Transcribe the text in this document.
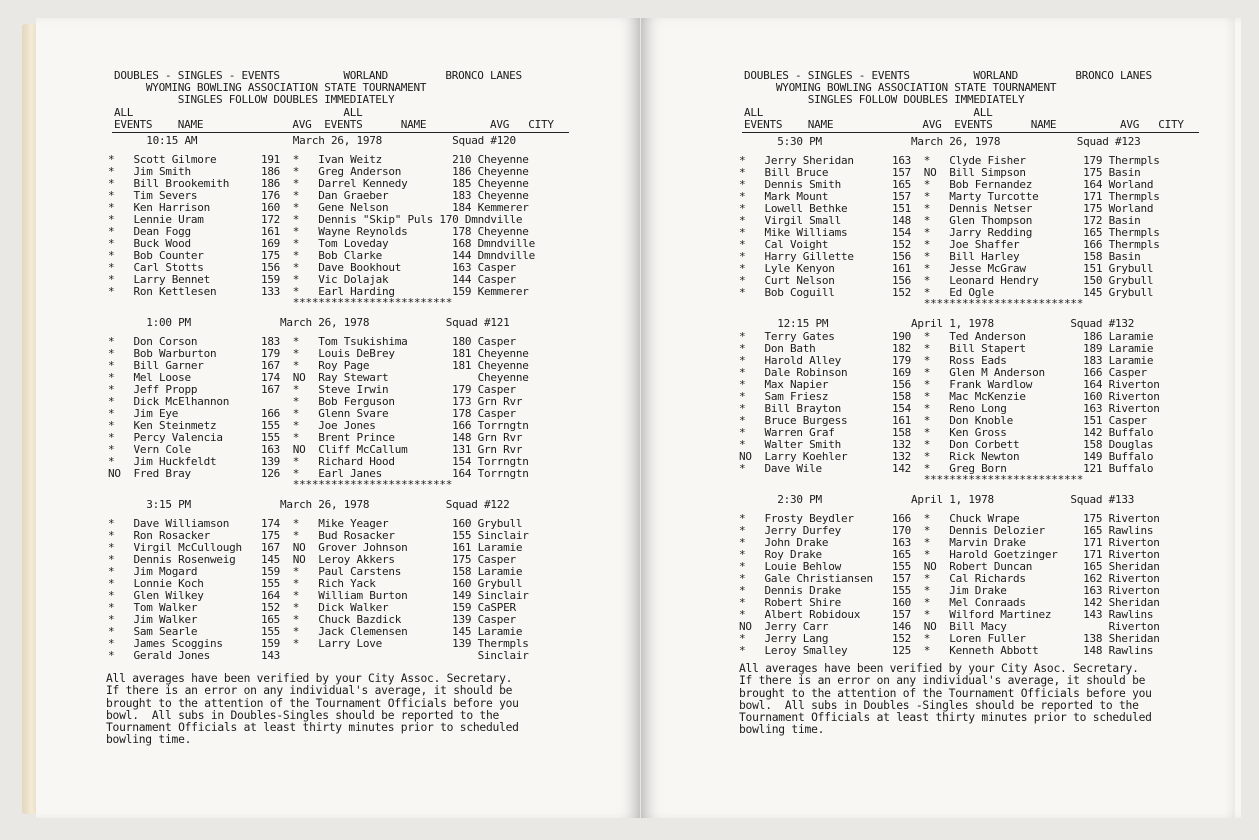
DOUBLES - SINGLES - EVENTS          WORLAND         BRONCO LANES
WYOMING BOWLING ASSOCIATION STATE TOURNAMENT
SINGLES FOLLOW DOUBLES IMMEDIATELY
ALL                                 ALL
EVENTS    NAME              AVG  EVENTS      NAME          AVG   CITY
10:15 AM               March 26, 1978           Squad #120
*   Scott Gilmore       191  *   Ivan Weitz           210 Cheyenne
*   Jim Smith           186  *   Greg Anderson        186 Cheyenne
*   Bill Brookemith     186  *   Darrel Kennedy       185 Cheyenne
*   Tim Severs          176  *   Dan Graeber          183 Cheyenne
*   Ken Harrison        160  *   Gene Nelson          184 Kemmerer
*   Lennie Uram         172  *   Dennis "Skip" Puls 170 Dmndville
*   Dean Fogg           161  *   Wayne Reynolds       178 Cheyenne
*   Buck Wood           169  *   Tom Loveday          168 Dmndville
*   Bob Counter         175  *   Bob Clarke           144 Dmndville
*   Carl Stotts         156  *   Dave Bookhout        163 Casper
*   Larry Bennet        159  *   Vic Dolajak          144 Casper
*   Ron Kettlesen       133  *   Earl Harding         159 Kemmerer
*************************
1:00 PM              March 26, 1978            Squad #121
*   Don Corson          183  *   Tom Tsukishima       180 Casper
*   Bob Warburton       179  *   Louis DeBrey         181 Cheyenne
*   Bill Garner         167  *   Roy Page             181 Cheyenne
*   Mel Loose           174  NO  Ray Stewart              Cheyenne
*   Jeff Propp          167  *   Steve Irwin          179 Casper
*   Dick McElhannon          *   Bob Ferguson         173 Grn Rvr
*   Jim Eye             166  *   Glenn Svare          178 Casper
*   Ken Steinmetz       155  *   Joe Jones            166 Torrngtn
*   Percy Valencia      155  *   Brent Prince         148 Grn Rvr
*   Vern Cole           163  NO  Cliff McCallum       131 Grn Rvr
*   Jim Huckfeldt       139  *   Richard Hood         154 Torrngtn
NO  Fred Bray           126  *   Earl Janes           164 Torrngtn
*************************
3:15 PM              March 26, 1978            Squad #122
*   Dave Williamson     174  *   Mike Yeager          160 Grybull
*   Ron Rosacker        175  *   Bud Rosacker         155 Sinclair
*   Virgil McCullough   167  NO  Grover Johnson       161 Laramie
*   Dennis Rosenweig    145  NO  Leroy Akkers         175 Casper
*   Jim Mogard          159  *   Paul Carstens        158 Laramie
*   Lonnie Koch         155  *   Rich Yack            160 Grybull
*   Glen Wilkey         164  *   William Burton       149 Sinclair
*   Tom Walker          152  *   Dick Walker          159 CaSPER
*   Jim Walker          165  *   Chuck Bazdick        139 Casper
*   Sam Searle          155  *   Jack Clemensen       145 Laramie
*   James Scoggins      159  *   Larry Love           139 Thermpls
*   Gerald Jones        143                               Sinclair
All averages have been verified by your City Assoc. Secretary.
If there is an error on any individual's average, it should be
brought to the attention of the Tournament Officials before you
bowl.  All subs in Doubles-Singles should be reported to the
Tournament Officials at least thirty minutes prior to scheduled
bowling time.
DOUBLES - SINGLES - EVENTS          WORLAND         BRONCO LANES
WYOMING BOWLING ASSOCIATION STATE TOURNAMENT
SINGLES FOLLOW DOUBLES IMMEDIATELY
ALL                                 ALL
EVENTS    NAME              AVG  EVENTS      NAME          AVG   CITY
5:30 PM              March 26, 1978            Squad #123
*   Jerry Sheridan      163  *   Clyde Fisher         179 Thermpls
*   Bill Bruce          157  NO  Bill Simpson         175 Basin
*   Dennis Smith        165  *   Bob Fernandez        164 Worland
*   Mark Mount          157  *   Marty Turcotte       171 Thermpls
*   Lowell Bethke       151  *   Dennis Netser        175 Worland
*   Virgil Small        148  *   Glen Thompson        172 Basin
*   Mike Williams       154  *   Jarry Redding        165 Thermpls
*   Cal Voight          152  *   Joe Shaffer          166 Thermpls
*   Harry Gillette      156  *   Bill Harley          158 Basin
*   Lyle Kenyon         161  *   Jesse McGraw         151 Grybull
*   Curt Nelson         156  *   Leonard Hendry       150 Grybull
*   Bob Coguill         152  *   Ed Ogle              145 Grybull
*************************
12:15 PM             April 1, 1978            Squad #132
*   Terry Gates         190  *   Ted Anderson         186 Laramie
*   Don Bath            182  *   Bill Stapert         189 Laramie
*   Harold Alley        179  *   Ross Eads            183 Laramie
*   Dale Robinson       169  *   Glen M Anderson      166 Casper
*   Max Napier          156  *   Frank Wardlow        164 Riverton
*   Sam Friesz          158  *   Mac McKenzie         160 Riverton
*   Bill Brayton        154  *   Reno Long            163 Riverton
*   Bruce Burgess       161  *   Don Knoble           151 Casper
*   Warren Graf         158  *   Ken Gross            142 Buffalo
*   Walter Smith        132  *   Don Corbett          158 Douglas
NO  Larry Koehler       132  *   Rick Newton          149 Buffalo
*   Dave Wile           142  *   Greg Born            121 Buffalo
*************************
2:30 PM              April 1, 1978            Squad #133
*   Frosty Beydler      166  *   Chuck Wrape          175 Riverton
*   Jerry Durfey        170  *   Dennis Delozier      165 Rawlins
*   John Drake          163  *   Marvin Drake         171 Riverton
*   Roy Drake           165  *   Harold Goetzinger    171 Riverton
*   Louie Behlow        155  NO  Robert Duncan        165 Sheridan
*   Gale Christiansen   157  *   Cal Richards         162 Riverton
*   Dennis Drake        155  *   Jim Drake            163 Riverton
*   Robert Shire        160  *   Mel Conraads         142 Sheridan
*   Albert Robidoux     157  *   Wilford Martinez     143 Rawlins
NO  Jerry Carr          146  NO  Bill Macy                Riverton
*   Jerry Lang          152  *   Loren Fuller         138 Sheridan
*   Leroy Smalley       125  *   Kenneth Abbott       148 Rawlins
All averages have been verified by your City Asoc. Secretary.
If there is an error on any individual's average, it should be
brought to the attention of the Tournament Officials before you
bowl.  All subs in Doubles -Singles should be reported to the
Tournament Officials at least thirty minutes prior to scheduled
bowling time.
